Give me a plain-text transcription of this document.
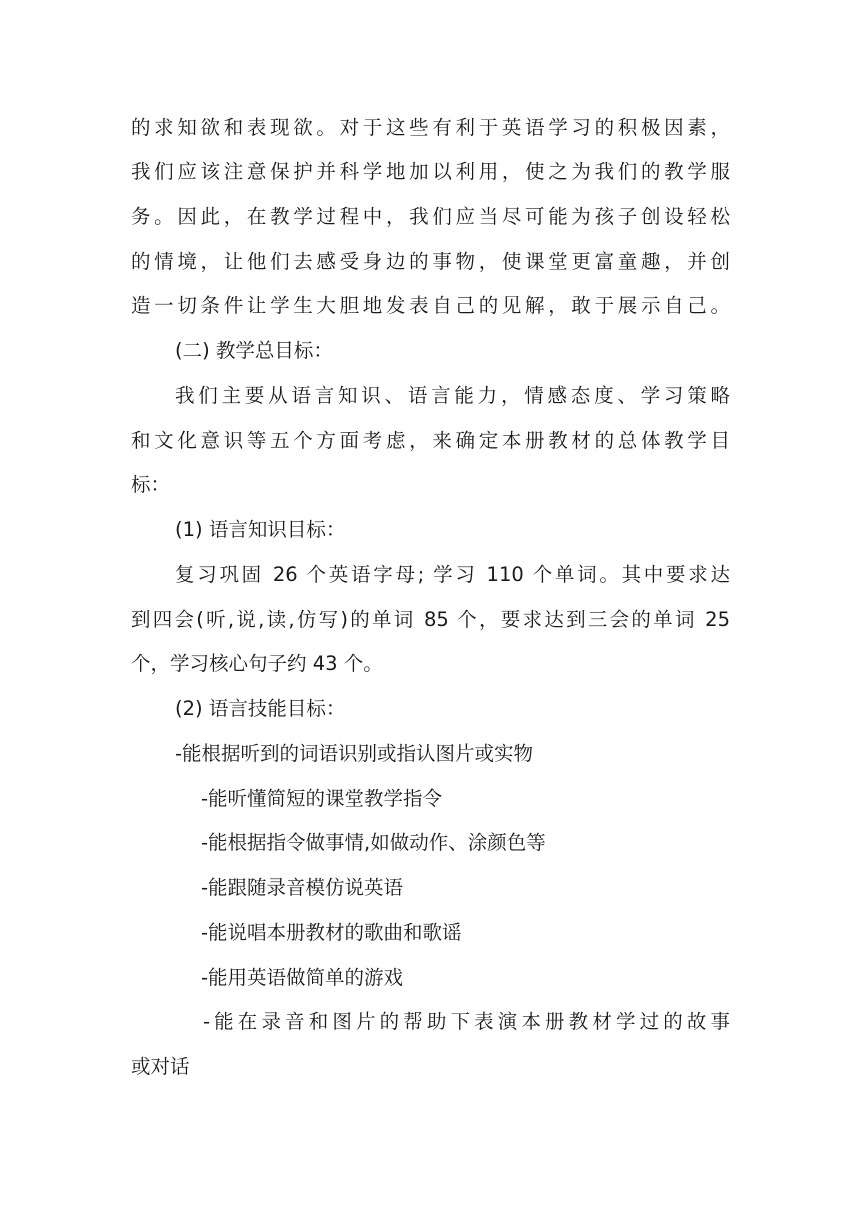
的求知欲和表现欲。对于这些有利于英语学习的积极因素，
我们应该注意保护并科学地加以利用，使之为我们的教学服
务。因此，在教学过程中，我们应当尽可能为孩子创设轻松
的情境，让他们去感受身边的事物，使课堂更富童趣，并创
造一切条件让学生大胆地发表自己的见解，敢于展示自己。
(二) 教学总目标：
我们主要从语言知识、语言能力，情感态度、学习策略
和文化意识等五个方面考虑，来确定本册教材的总体教学目
标：
(1) 语言知识目标：
复习巩固 26 个英语字母; 学习 110 个单词。其中要求达
到四会(听,说,读,仿写)的单词 85 个，要求达到三会的单词 25
个，学习核心句子约 43 个。
(2) 语言技能目标：
-能根据听到的词语识别或指认图片或实物
-能听懂简短的课堂教学指令
-能根据指令做事情,如做动作、涂颜色等
-能跟随录音模仿说英语
-能说唱本册教材的歌曲和歌谣
-能用英语做简单的游戏
-能在录音和图片的帮助下表演本册教材学过的故事
或对话
